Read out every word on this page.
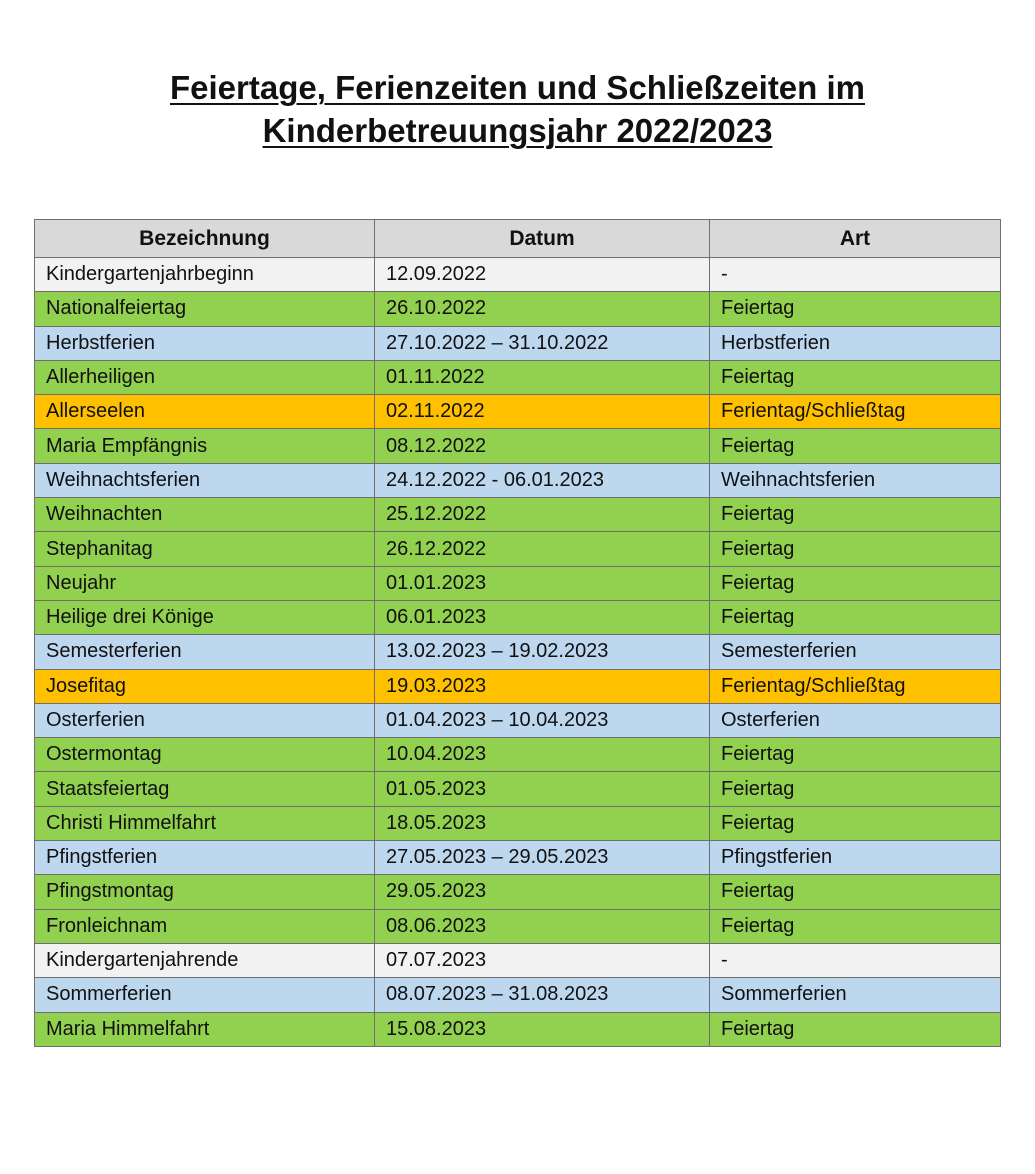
Feiertage, Ferienzeiten und Schließzeiten im
Kinderbetreuungsjahr 2022/2023
Bezeichnung	Datum	Art
Kindergartenjahrbeginn	12.09.2022	-
Nationalfeiertag	26.10.2022	Feiertag
Herbstferien	27.10.2022 – 31.10.2022	Herbstferien
Allerheiligen	01.11.2022	Feiertag
Allerseelen	02.11.2022	Ferientag/Schließtag
Maria Empfängnis	08.12.2022	Feiertag
Weihnachtsferien	24.12.2022 - 06.01.2023	Weihnachtsferien
Weihnachten	25.12.2022	Feiertag
Stephanitag	26.12.2022	Feiertag
Neujahr	01.01.2023	Feiertag
Heilige drei Könige	06.01.2023	Feiertag
Semesterferien	13.02.2023 – 19.02.2023	Semesterferien
Josefitag	19.03.2023	Ferientag/Schließtag
Osterferien	01.04.2023 – 10.04.2023	Osterferien
Ostermontag	10.04.2023	Feiertag
Staatsfeiertag	01.05.2023	Feiertag
Christi Himmelfahrt	18.05.2023	Feiertag
Pfingstferien	27.05.2023 – 29.05.2023	Pfingstferien
Pfingstmontag	29.05.2023	Feiertag
Fronleichnam	08.06.2023	Feiertag
Kindergartenjahrende	07.07.2023	-
Sommerferien	08.07.2023 – 31.08.2023	Sommerferien
Maria Himmelfahrt	15.08.2023	Feiertag
